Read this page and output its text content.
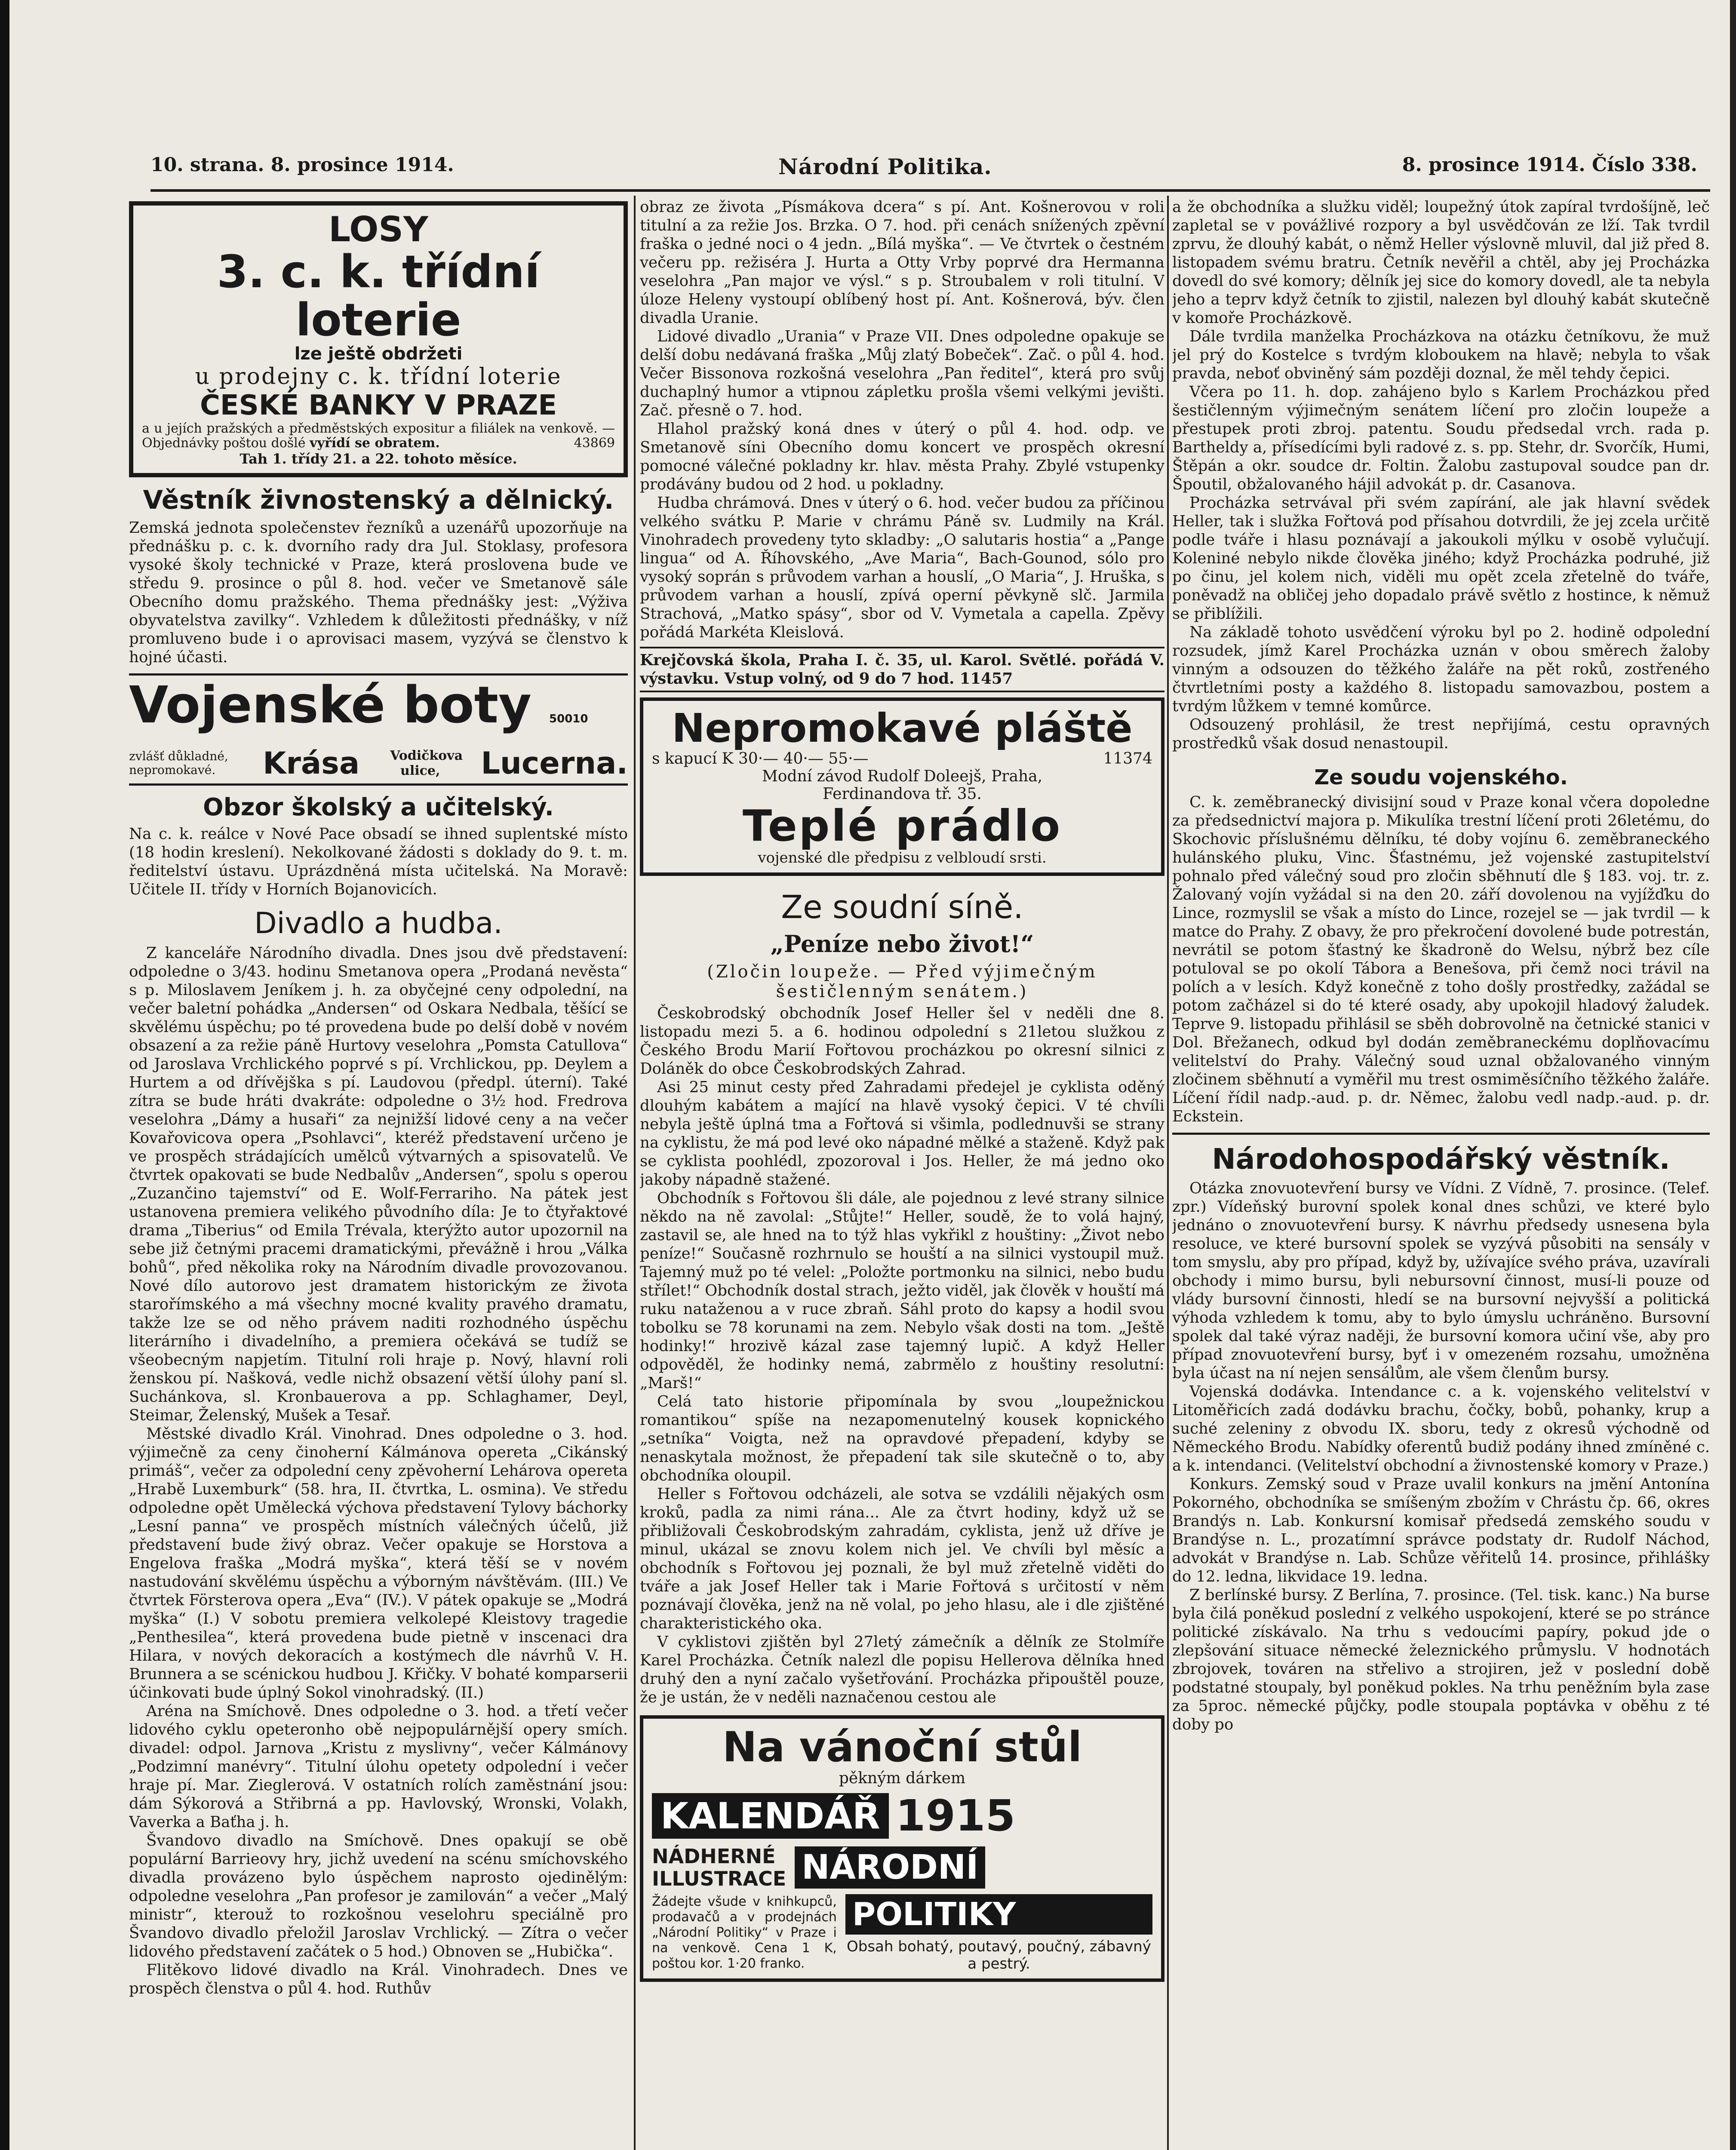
10. strana. 8. prosince 1914.	Národní Politika.	8. prosince 1914. Číslo 338.
LOSY
3. c. k. třídní loterie
lze ještě obdržeti
u prodejny c. k. třídní loterie
ČESKÉ BANKY V PRAZE

a u jejích pražských a předměstských expositur a filiálek na venkově. — Objednávky poštou došlé vyřídí se obratem.	43869

Tah 1. třídy 21. a 22. tohoto měsíce.
Věstník živnostenský a dělnický.

Zemská jednota společenstev řezníků a uzenářů upozorňuje na přednášku p. c. k. dvorního rady dra Jul. Stoklasy, profesora vysoké školy technické v Praze, která proslovena bude ve středu 9. prosince o půl 8. hod. večer ve Smetanově sále Obecního domu pražského. Thema přednášky jest: „Výživa obyvatelstva zavilky“. Vzhledem k důležitosti přednášky, v níž promluveno bude i o aprovisaci masem, vyzývá se členstvo k hojné účasti.

Vojenské boty 50010
zvlášť důkladné, nepromokavé.	Krása Vodičkova ulice,	Lucerna.
Obzor školský a učitelský.

Na c. k. reálce v Nové Pace obsadí se ihned suplentské místo (18 hodin kreslení). Nekolkované žádosti s doklady do 9. t. m. ředitelství ústavu. Uprázdněná místa učitelská. Na Moravě: Učitele II. třídy v Horních Bojanovicích.

Divadlo a hudba.

Z kanceláře Národního divadla. Dnes jsou dvě představení: odpoledne o 3/43. hodinu Smetanova opera „Prodaná nevěsta“ s p. Miloslavem Jeníkem j. h. za obyčejné ceny odpolední, na večer baletní pohádka „Andersen“ od Oskara Nedbala, těšící se skvělému úspěchu; po té provedena bude po delší době v novém obsazení a za režie páně Hurtovy veselohra „Pomsta Catullova“ od Jaroslava Vrchlického poprvé s pí. Vrchlickou, pp. Deylem a Hurtem a od dřívějška s pí. Laudovou (předpl. úterní). Také zítra se bude hráti dvakráte: odpoledne o 3½ hod. Fredrova veselohra „Dámy a husaři“ za nejnižší lidové ceny a na večer Kovařovicova opera „Psohlavci“, kteréž představení určeno je ve prospěch strádajících umělců výtvarných a spisovatelů. Ve čtvrtek opakovati se bude Nedbalův „Andersen“, spolu s operou „Zuzančino tajemství“ od E. Wolf-Ferrarihо. Na pátek jest ustanovena premiera velikého původního díla: Je to čtyřaktové drama „Tiberius“ od Emila Trévala, kterýžto autor upozornil na sebe již četnými pracemi dramatickými, převážně i hrou „Válka bohů“, před několika roky na Národním divadle provozovanou. Nové dílo autorovo jest dramatem historickým ze života starořímského a má všechny mocné kvality pravého dramatu, takže lze se od něho právem naditi rozhodného úspěchu literárního i divadelního, a premiera očekává se tudíž se všeobecným napjetím. Titulní roli hraje p. Nový, hlavní roli ženskou pí. Našková, vedle nichž obsazení větší úlohy paní sl. Suchánkova, sl. Kronbauerova a pp. Schlaghamer, Deyl, Steimar, Želenský, Mušek a Tesař.

Městské divadlo Král. Vinohrad. Dnes odpoledne o 3. hod. výjimečně za ceny činoherní Kálmánova opereta „Cikánský primáš“, večer za odpolední ceny zpěvoherní Lehárova opereta „Hrabě Luxemburk“ (58. hra, II. čtvrtka, L. osmina). Ve středu odpoledne opět Umělecká výchova představení Tylovy báchorky „Lesní panna“ ve prospěch místních válečných účelů, již představení bude živý obraz. Večer opakuje se Horstova a Engelova fraška „Modrá myška“, která těší se v novém nastudování skvělému úspěchu a výborným návštěvám. (III.) Ve čtvrtek Försterova opera „Eva“ (IV.). V pátek opakuje se „Modrá myška“ (I.) V sobotu premiera velkolepé Kleistovy tragedie „Penthesilea“, která provedena bude pietně v inscenaci dra Hilara, v nových dekoracích a kostýmech dle návrhů V. H. Brunnera a se scénickou hudbou J. Křičky. V bohaté komparserii účinkovati bude úplný Sokol vinohradský. (II.)

Aréna na Smíchově. Dnes odpoledne o 3. hod. a třetí večer lidového cyklu opeteronho obě nejpopulárnější opery smích. divadel: odpol. Jarnova „Kristu z myslivny“, večer Kálmánovy „Podzimní manévry“. Titulní úlohu opetety odpolední i večer hraje pí. Mar. Zieglerová. V ostatních rolích zaměstnání jsou: dám Sýkorová a Střibrná a pp. Havlovský, Wronski, Volakh, Vaverka a Baťha j. h.

Švandovo divadlo na Smíchově. Dnes opakují se obě populární Barrieovy hry, jichž uvedení na scénu smíchovského divadla provázeno bylo úspěchem naprosto ojedinělým: odpoledne veselohra „Pan profesor je zamilován“ a večer „Malý ministr“, kterouž to rozkošnou veselohru speciálně pro Švandovo divadlo přeložil Jaroslav Vrchlický. — Zítra o večer lidového představení začátek o 5 hod.) Obnoven se „Hubička“.

Flitěkovo lidové divadlo na Král. Vinohradech. Dnes ve prospěch členstva o půl 4. hod. Ruthův

obraz ze života „Písmákova dcera“ s pí. Ant. Košnerovou v roli titulní a za režie Jos. Brzka. O 7. hod. při cenách snížených zpěvní fraška o jedné noci o 4 jedn. „Bílá myška“. — Ve čtvrtek o čestném večeru pp. režiséra J. Hurta a Otty Vrby poprvé dra Hermanna veselohra „Pan major ve výsl.“ s p. Stroubalem v roli titulní. V úloze Heleny vystoupí oblíbený host pí. Ant. Košnerová, býv. člen divadla Uranie.

Lidové divadlo „Urania“ v Praze VII. Dnes odpoledne opakuje se delší dobu nedávaná fraška „Můj zlatý Bobeček“. Zač. o půl 4. hod. Večer Bissonova rozkošná veselohra „Pan ředitel“, která pro svůj duchaplný humor a vtipnou zápletku prošla všemi velkými jevišti. Zač. přesně o 7. hod.

Hlahol pražský koná dnes v úterý o půl 4. hod. odp. ve Smetanově síni Obecního domu koncert ve prospěch okresní pomocné válečné pokladny kr. hlav. města Prahy. Zbylé vstupenky prodávány budou od 2 hod. u pokladny.

Hudba chrámová. Dnes v úterý o 6. hod. večer budou za příčinou velkého svátku P. Marie v chrámu Páně sv. Ludmily na Král. Vinohradech provedeny tyto skladby: „O salutaris hostia“ a „Pange lingua“ od A. Říhovského, „Ave Maria“, Bach-Gounod, sólo pro vysoký soprán s průvodem varhan a houslí, „O Maria“, J. Hruška, s průvodem varhan a houslí, zpívá operní pěvkyně slč. Jarmila Strachová, „Matko spásy“, sbor od V. Vymetala a capella. Zpěvy pořádá Markéta Kleislová.

Krejčovská škola, Praha I. č. 35, ul. Karol. Světlé. pořádá V. výstavku. Vstup volný, od 9 do 7 hod. 11457

Nepromokavé pláště
s kapucí K 30·— 40·— 55·—	11374
Modní závod Rudolf Doleejš, Praha,
Ferdinandova tř. 35.
Teplé prádlo
vojenské dle předpisu z velbloudí srsti.
Ze soudní síně.
„Peníze nebo život!“
(Zločin loupeže. — Před výjimečným šestičlenným senátem.)

Českobrodský obchodník Josef Heller šel v neděli dne 8. listopadu mezi 5. a 6. hodinou odpolední s 21letou služkou z Českého Brodu Marií Fořtovou procházkou po okresní silnici z Doláněk do obce Českobrodských Zahrad.

Asi 25 minut cesty před Zahradami předejel je cyklista oděný dlouhým kabátem a mající na hlavě vysoký čepici. V té chvíli nebyla ještě úplná tma a Fořtová si všimla, podlednuvši se strany na cyklistu, že má pod levé oko nápadné mělké a staženě. Když pak se cyklista poohlédl, zpozoroval i Jos. Heller, že má jedno oko jakoby nápadně stažené.

Obchodník s Fořtovou šli dále, ale pojednou z levé strany silnice někdo na ně zavolal: „Stůjte!“ Heller, soudě, že to volá hajný, zastavil se, ale hned na to týž hlas vykřikl z houštiny: „Život nebo peníze!“ Současně rozhrnulo se houští a na silnici vystoupil muž. Tajemný muž po té velel: „Položte portmonku na silnici, nebo budu střílet!“ Obchodník dostal strach, ježto viděl, jak člověk v houští má ruku nataženou a v ruce zbraň. Sáhl proto do kapsy a hodil svou tobolku se 78 korunami na zem. Nebylo však dosti na tom. „Ještě hodinky!“ hrozivě kázal zase tajemný lupič. A když Heller odpověděl, že hodinky nemá, zabrmělo z houštiny resolutní: „Marš!“

Celá tato historie připomínala by svou „loupežnickou romantikou“ spíše na nezapomenutelný kousek kopnického „setníka“ Voigta, než na opravdové přepadení, kdyby se nenaskytala možnost, že přepadení tak sile skutečně o to, aby obchodníka oloupil.

Heller s Fořtovou odcházeli, ale sotva se vzdálili nějakých osm kroků, padla za nimi rána... Ale za čtvrt hodiny, když už se přibližovali Českobrodským zahradám, cyklista, jenž už dříve je minul, ukázal se znovu kolem nich jel. Ve chvíli byl měsíc a obchodník s Fořtovou jej poznali, že byl muž zřetelně viděti do tváře a jak Josef Heller tak i Marie Fořtová s určitostí v něm poznávají člověka, jenž na ně volal, po jeho hlasu, ale i dle zjištěné charakteristického oka.

V cyklistovi zjištěn byl 27letý zámečník a dělník ze Stolmíře Karel Procházka. Četník nalezl dle popisu Hellerova dělníka hned druhý den a nyní začalo vyšetřování. Procházka připouštěl pouze, že je ustán, že v neděli naznačenou cestou ale

Na vánoční stůl
pěkným dárkem
KALENDÁŘ 1915
NÁDHERNÉ
ILLUSTRACE NÁRODNÍ

Žádejte všude v knihkupců, prodavačů a v prodejnách „Národní Politiky“ v Praze i na venkově. Cena 1 K, poštou kor. 1·20 franko.

POLITIKY
Obsah bohatý, poutavý, poučný, zábavný a pestrý.

a že obchodníka a služku viděl; loupežný útok zapíral tvrdošíjně, leč zapletal se v povážlivé rozpory a byl usvědčován ze lží. Tak tvrdil zprvu, že dlouhý kabát, o němž Heller výslovně mluvil, dal již před 8. listopadem svému bratru. Četník nevěřil a chtěl, aby jej Procházka dovedl do své komory; dělník jej sice do komory dovedl, ale ta nebyla jeho a teprv když četník to zjistil, nalezen byl dlouhý kabát skutečně v komoře Procházkově.

Dále tvrdila manželka Procházkova na otázku četníkovu, že muž jel prý do Kostelce s tvrdým kloboukem na hlavě; nebyla to však pravda, neboť obviněný sám později doznal, že měl tehdy čepici.

Včera po 11. h. dop. zahájeno bylo s Karlem Procházkou před šestičlenným výjimečným senátem líčení pro zločin loupeže a přestupek proti zbroj. patentu. Soudu předsedal vrch. rada p. Bartheldy a, přísedícími byli radové z. s. pp. Stehr, dr. Svorčík, Humi, Štěpán a okr. soudce dr. Foltin. Žalobu zastupoval soudce pan dr. Špoutil, obžalovaného hájil advokát p. dr. Casanova.

Procházka setrvával při svém zapírání, ale jak hlavní svědek Heller, tak i služka Fořtová pod přísahou dotvrdili, že jej zcela určitě podle tváře i hlasu poznávají a jakoukoli mýlku v osobě vylučují. Koleniné nebylo nikde člověka jiného; když Procházka podruhé, již po činu, jel kolem nich, viděli mu opět zcela zřetelně do tváře, poněvadž na obličej jeho dopadalo právě světlo z hostince, k němuž se přiblížili.

Na základě tohoto usvědčení výroku byl po 2. hodině odpolední rozsudek, jímž Karel Procházka uznán v obou směrech žaloby vinným a odsouzen do těžkého žaláře na pět roků, zostřeného čtvrtletními posty a každého 8. listopadu samovazbou, postem a tvrdým lůžkem v temné komůrce.

Odsouzený prohlásil, že trest nepřijímá, cestu opravných prostředků však dosud nenastoupil.

Ze soudu vojenského.

C. k. zeměbranecký divisijní soud v Praze konal včera dopoledne za předsednictví majora p. Mikulíka trestní líčení proti 26letému, do Skochovic příslušnému dělníku, té doby vojínu 6. zeměbraneckého hulánského pluku, Vinc. Šťastnému, jež vojenské zastupitelství pohnalo před válečný soud pro zločin sběhnutí dle § 183. voj. tr. z. Žalovaný vojín vyžádal si na den 20. září dovolenou na vyjížďku do Lince, rozmyslil se však a místo do Lince, rozejel se — jak tvrdil — k matce do Prahy. Z obavy, že pro překročení dovolené bude potrestán, nevrátil se potom šťastný ke škadroně do Welsu, nýbrž bez cíle potuloval se po okolí Tábora a Benešova, při čemž noci trávil na polích a v lesích. Když konečně z toho došly prostředky, zažádal se potom začházel si do té které osady, aby upokojil hladový žaludek. Teprve 9. listopadu přihlásil se sběh dobrovolně na četnické stanici v Dol. Břežanech, odkud byl dodán zeměbraneckému doplňovacímu velitelství do Prahy. Válečný soud uznal obžalovaného vinným zločinem sběhnutí a vyměřil mu trest osmiměsíčního těžkého žaláře. Líčení řídil nadp.-aud. p. dr. Němec, žalobu vedl nadp.-aud. p. dr. Eckstein.

Národohospodářský věstník.

Otázka znovuotevření bursy ve Vídni. Z Vídně, 7. prosince. (Telef. zpr.) Vídeňský burovní spolek konal dnes schůzi, ve které bylo jednáno o znovuotevření bursy. K návrhu předsedy usnesena byla resoluce, ve které bursovní spolek se vyzývá působiti na sensály v tom smyslu, aby pro případ, když by, užívajíce svého práva, uzavírali obchody i mimo bursu, byli nebursovní činnost, musí-li pouze od vlády bursovní činnosti, hledí se na bursovní nejvyšší a politická výhoda vzhledem k tomu, aby to bylo úmyslu uchráněno. Bursovní spolek dal také výraz naději, že bursovní komora učiní vše, aby pro případ znovuotevření bursy, byť i v omezeném rozsahu, umožněna byla účast na ní nejen sensálům, ale všem členům bursy.

Vojenská dodávka. Intendance c. a k. vojenského velitelství v Litoměřicích zadá dodávku brachu, čočky, bobů, pohanky, krup a suché zeleniny z obvodu IX. sboru, tedy z okresů východně od Německého Brodu. Nabídky oferentů budiž podány ihned zmíněné c. a k. intendanci. (Velitelství obchodní a živnostenské komory v Praze.)

Konkurs. Zemský soud v Praze uvalil konkurs na jmění Antonína Pokorného, obchodníka se smíšeným zbožím v Chrástu čp. 66, okres Brandýs n. Lab. Konkursní komisař předsedá zemského soudu v Brandýse n. L., prozatímní správce podstaty dr. Rudolf Náchod, advokát v Brandýse n. Lab. Schůze věřitelů 14. prosince, přihlášky do 12. ledna, likvidace 19. ledna.

Z berlínské bursy. Z Berlína, 7. prosince. (Tel. tisk. kanc.) Na burse byla čilá poněkud poslední z velkého uspokojení, které se po stránce politické získávalo. Na trhu s vedoucími papíry, pokud jde o zlepšování situace německé železnického průmyslu. V hodnotách zbrojovek, továren na střelivo a strojiren, jež v poslední době podstatné stoupaly, byl poněkud pokles. Na trhu peněžním byla zase za 5proc. německé půjčky, podle stoupala poptávka v oběhu z té doby po
